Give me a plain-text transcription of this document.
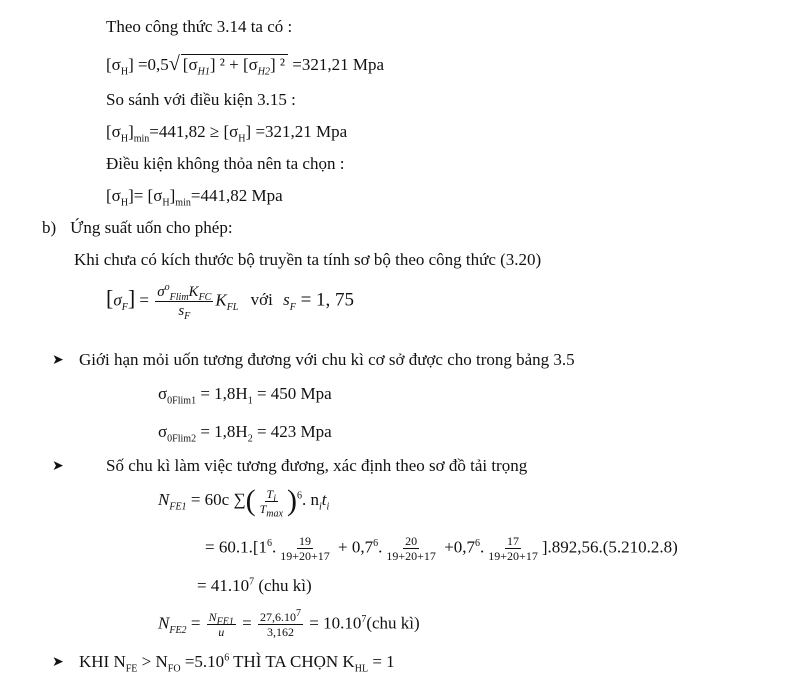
Theo công thức 3.14 ta có :
$[\sigma_H] =0,5√$ $[\sigma_{H1}] ^2 + [\sigma_{H2}]$ ² =321,21 Mpa
So sánh với điều kiện 3.15 :
$[\sigma_H]_{min}=441,82 \ge [\sigma_H] =321,21$ Mpa
Điều kiện không thỏa nên ta chọn :
$[\sigma_H]= [\sigma_H]_{min}=441,82$ Mpa
b) Ứng suất uốn cho phép:
Khi chưa có kích thước bộ truyền ta tính sơ bộ theo công thức (3.20)
$[\sigma_F] = \frac{\sigma^o_{Flim}K_{FC}}{s_F} K_{FL}$ với $s_F = 1$, 75
➤ Giới hạn mỏi uốn tương đương với chu kì cơ sở được cho trong bảng 3.5
$\sigma_{0Flim1} = 1,8H_1 = 450$ Mpa
$\sigma_{0Flim2} = 1,8H_2 = 423$ Mpa
➤ Số chu kì làm việc tương đương, xác định theo sơ đồ tải trọng
$N_{FE1} = 60c$ ∑( $\frac{T_i}{T_{max}} )^6$. $n_it_i$
= $60.1.[1^6$. $\frac{19}{19+20+17} + 0,7^6$. $\frac{20}{19+20+17} +0,7^6$. $\frac{17}{19+20+17} ].892,56.(5.210.2.8)$
= $41.10^7$ (chu kì)
$N_{FE2} = \frac{N_{FE1}}{u} = \frac{27,6.10^7}{3,162} = 10.10^7(chu$ kì)
➤ KHI $N_{FE} > N_{FO} =5.10^6$ THÌ TA CHỌN $K_{HL} = 1$
